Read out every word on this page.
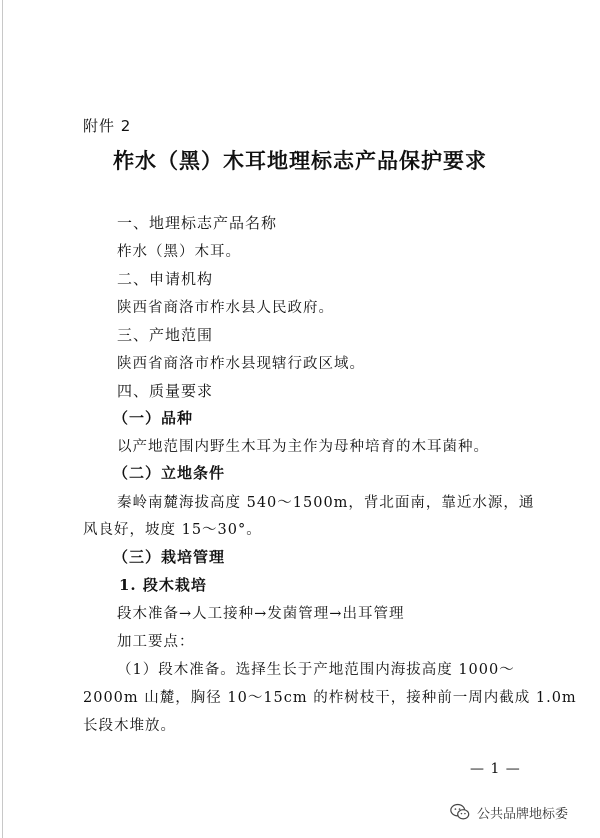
附件 2
柞水（黑）木耳地理标志产品保护要求
一、地理标志产品名称
柞水（黑）木耳。
二、申请机构
陕西省商洛市柞水县人民政府。
三、产地范围
陕西省商洛市柞水县现辖行政区域。
四、质量要求
（一）品种
以产地范围内野生木耳为主作为母种培育的木耳菌种。
（二）立地条件
秦岭南麓海拔高度 540～1500m，背北面南，靠近水源，通
风良好，坡度 15～30°。
（三）栽培管理
1. 段木栽培
段木准备→人工接种→发菌管理→出耳管理
加工要点：
（1）段木准备。选择生长于产地范围内海拔高度 1000～
2000m 山麓，胸径 10～15cm 的柞树枝干，接种前一周内截成 1.0m
长段木堆放。
— 1 —
公共品牌地标委
